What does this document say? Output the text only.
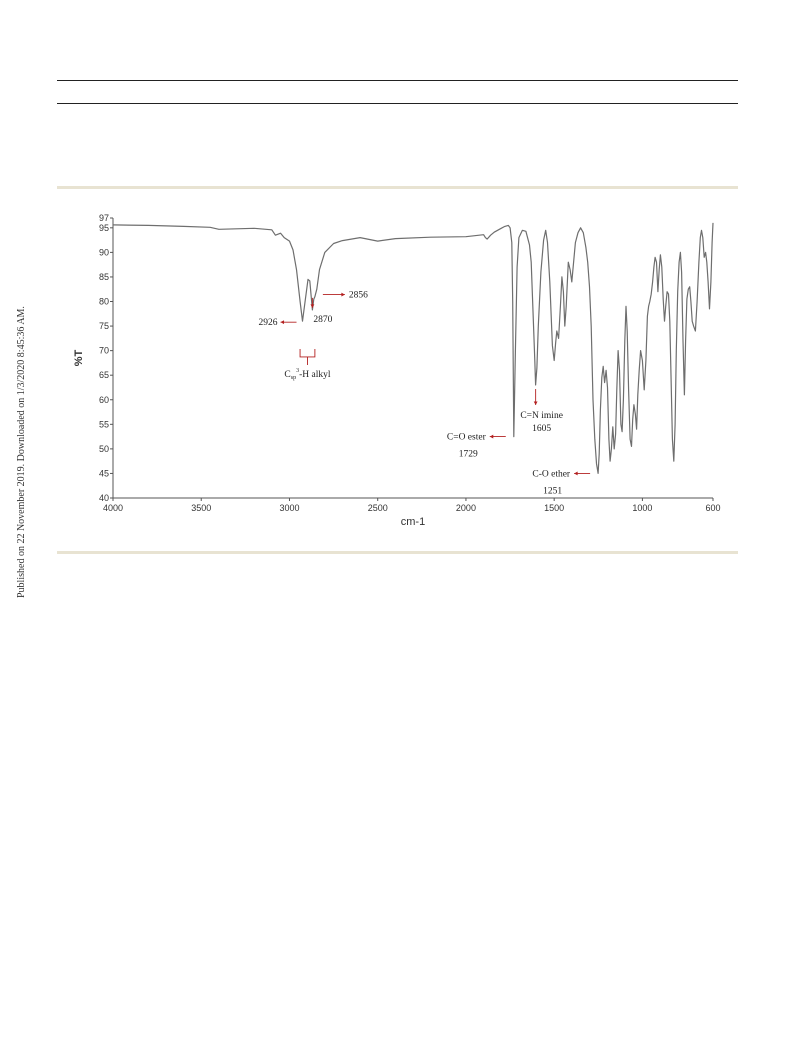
Published on 22 November 2019. Downloaded on 1/3/2020 8:45:36 AM.	4000	3500	3000	2500	2000	1500	1000	600
40
45
50
55
60
65
70
75
80
85
90
95
97
cm-1
%T
2926	2870
2856
$C_{sp}^3-H$ alkyl
C=O ester
1729
C=N imine
1605
C-O ether
1251
